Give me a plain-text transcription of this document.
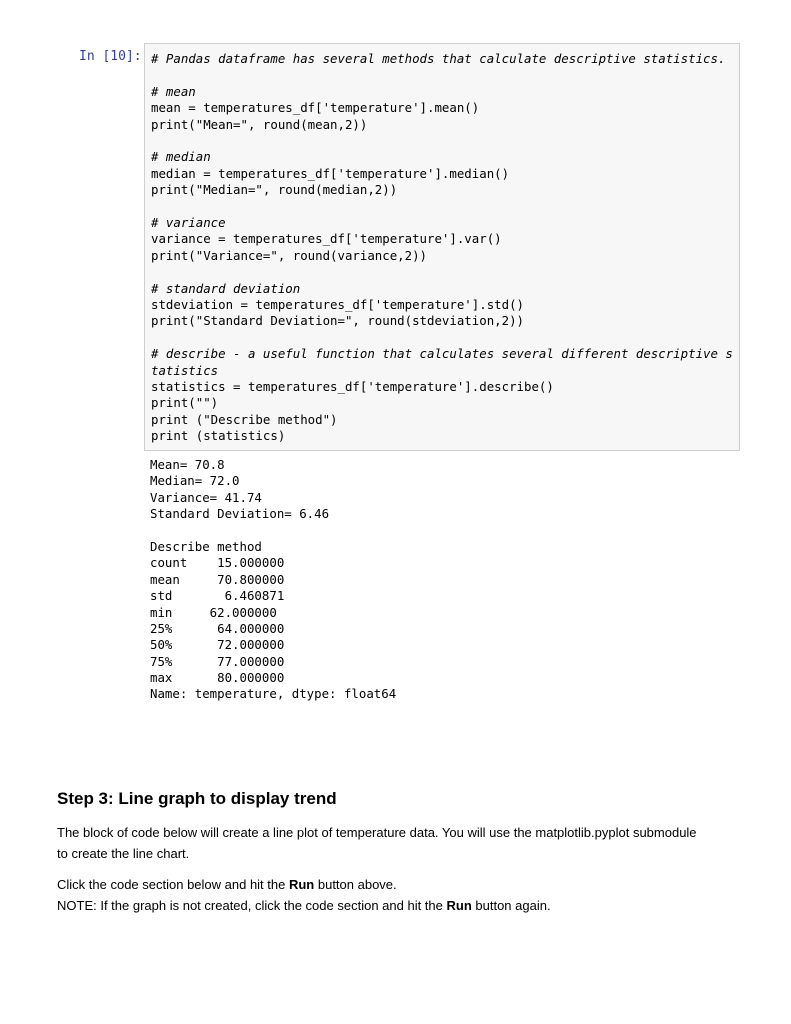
In [10]: # Pandas dataframe has several methods that calculate descriptive statistics.
# mean
mean = temperatures_df['temperature'].mean()
print("Mean=", round(mean,2))
# median
median = temperatures_df['temperature'].median()
print("Median=", round(median,2))
# variance
variance = temperatures_df['temperature'].var()
print("Variance=", round(variance,2))
# standard deviation
stdeviation = temperatures_df['temperature'].std()
print("Standard Deviation=", round(stdeviation,2))
# describe - a useful function that calculates several different descriptive s
tatistics
statistics = temperatures_df['temperature'].describe()
print("")
print ("Describe method")
print (statistics)
Mean= 70.8
Median= 72.0
Variance= 41.74
Standard Deviation= 6.46
Describe method
count    15.000000
mean     70.800000
std       6.460871
min     62.000000
25%      64.000000
50%      72.000000
75%      77.000000
max      80.000000
Name: temperature, dtype: float64
Step 3: Line graph to display trend

The block of code below will create a line plot of temperature data. You will use the matplotlib.pyplot submodule
to create the line chart.

Click the code section below and hit the Run button above.
NOTE: If the graph is not created, click the code section and hit the Run button again.
